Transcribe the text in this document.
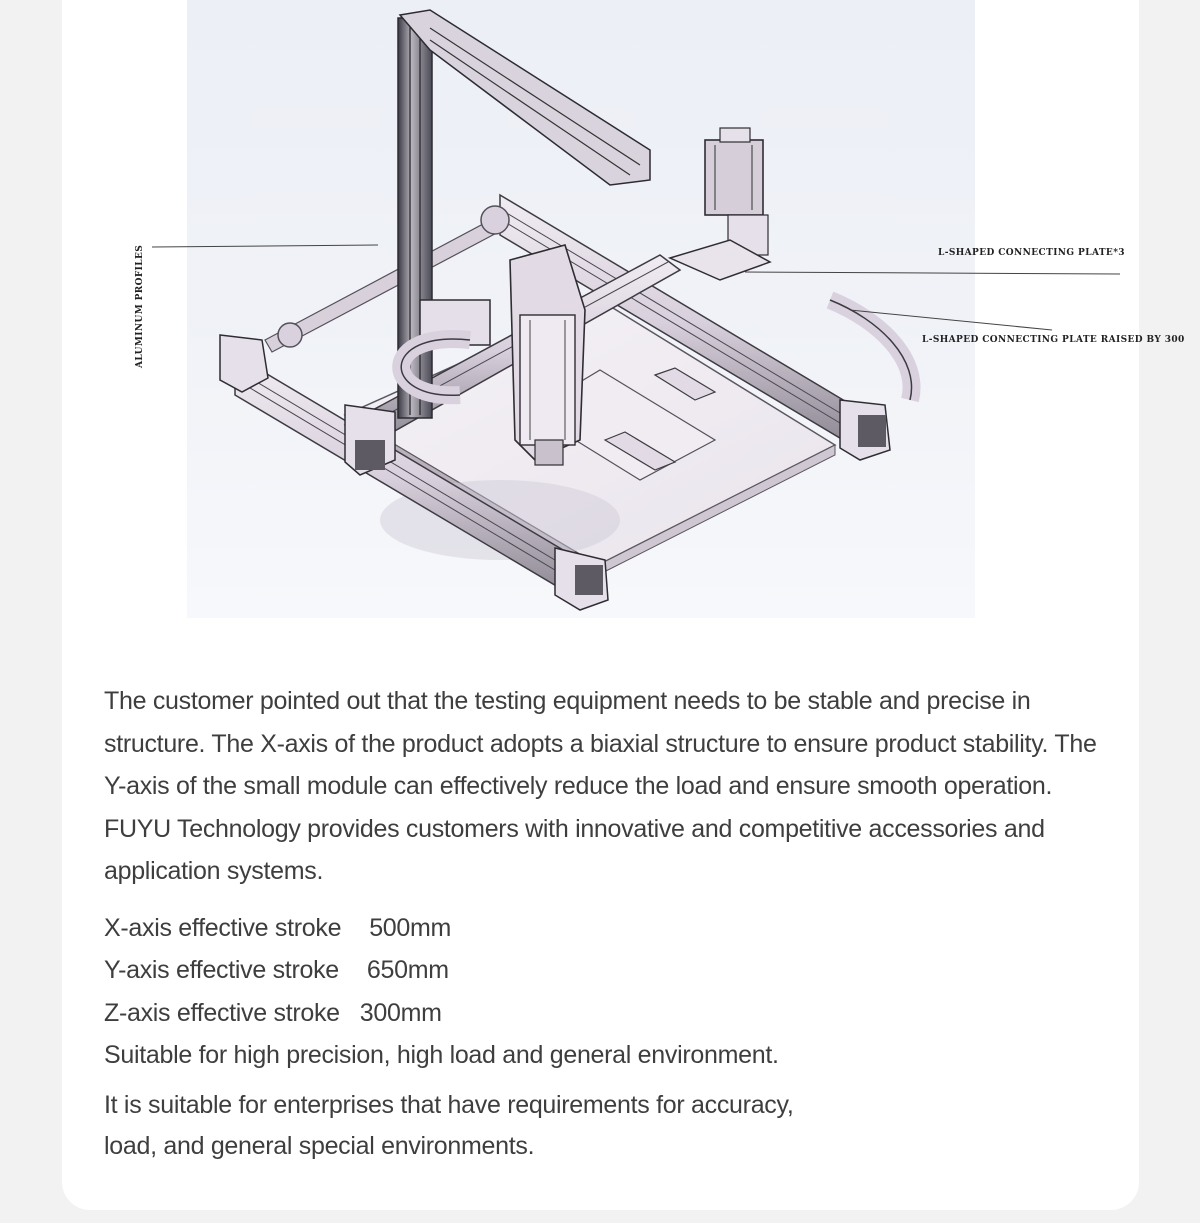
ALUMINUM PROFILES	L-SHAPED CONNECTING PLATE*3
L-SHAPED CONNECTING PLATE RAISED BY 300

The customer pointed out that the testing equipment needs to be stable and precise in structure. The X-axis of the product adopts a biaxial structure to ensure product stability. The Y-axis of the small module can effectively reduce the load and ensure smooth operation. FUYU Technology provides customers with innovative and competitive accessories and application systems.

X-axis effective stroke 500mm

Y-axis effective stroke 650mm

Z-axis effective stroke 300mm

Suitable for high precision, high load and general environment.

It is suitable for enterprises that have requirements for accuracy,

load, and general special environments.
